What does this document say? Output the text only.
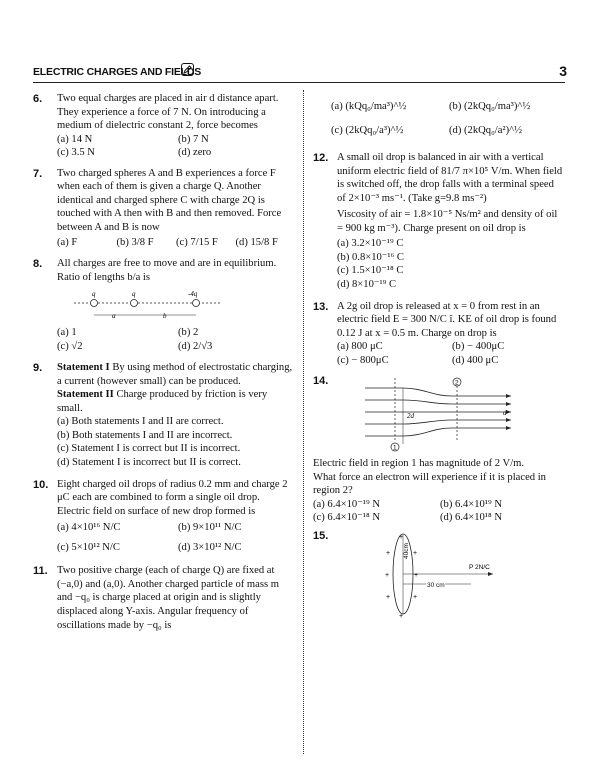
ELECTRIC CHARGES AND FIELDS	3
6. Two equal charges are placed in air d distance apart. They experience a force of 7 N. On introducing a medium of dielectric constant 2, force becomes
(a) 14 N	(b) 7 N
(c) 3.5 N	(d) zero
7. Two charged spheres A and B experiences a force F when each of them is given a charge Q. Another identical and charged sphere C with charge 2Q is touched with A then with B and then removed. Force between A and B is now
(a) F	(b) 3/8 F	(c) 7/15 F	(d) 15/8 F
8. All charges are free to move and are in equilibrium. Ratio of lengths b/a is
q	q	-4q
a	b
(a) 1	(b) 2
(c) √2	(d) 2/√3
9. Statement I By using method of electrostatic charging, a current (however small) can be produced.
Statement II Charge produced by friction is very small.
(a) Both statements I and II are correct.
(b) Both statements I and II are incorrect.
(c) Statement I is correct but II is incorrect.
(d) Statement I is incorrect but II is correct.
10. Eight charged oil drops of radius 0.2 mm and charge 2 μC each are combined to form a single oil drop. Electric field on surface of new drop formed is
(a) 4×10¹⁶ N/C	(b) 9×10¹¹ N/C
(c) 5×10¹² N/C	(d) 3×10¹² N/C
11. Two positive charge (each of charge Q) are fixed at (−a,0) and (a,0). Another charged particle of mass m and −q₀ is charge placed at origin and is slightly displaced along Y-axis. Angular frequency of oscillations made by −q₀ is
(a) (kQq₀/ma³)^½	(b) (2kQq₀/ma³)^½
(c) (2kQq₀/a³)^½	(d) (2kQq₀/a²)^½
12. A small oil drop is balanced in air with a vertical uniform electric field of 81/7 π×10⁵ V/m. When field is switched off, the drop falls with a terminal speed of 2×10⁻³ ms⁻¹. (Take g=9.8 ms⁻²)
Viscosity of air = 1.8×10⁻⁵ Ns/m² and density of oil = 900 kg m⁻³). Charge present on oil drop is
(a) 3.2×10⁻¹⁹ C
(b) 0.8×10⁻¹⁶ C
(c) 1.5×10⁻¹⁸ C
(d) 8×10⁻¹⁹ C
13. A 2g oil drop is released at x = 0 from rest in an electric field E = 300 N/C î. KE of oil drop is found 0.12 J at x = 0.5 m. Charge on drop is
(a) 800 μC	(b) − 400μC
(c) − 800μC	(d) 400 μC
14.
2d	d
1
2
Electric field in region 1 has magnitude of 2 V/m.
What force an electron will experience if it is placed in region 2?
(a) 6.4×10⁻¹⁹ N	(b) 6.4×10¹⁹ N
(c) 6.4×10⁻¹⁸ N	(d) 6.4×10¹⁸ N
15.	+
+
+
+
+
+
+
+
40cm
P 2N/C
30 cm
